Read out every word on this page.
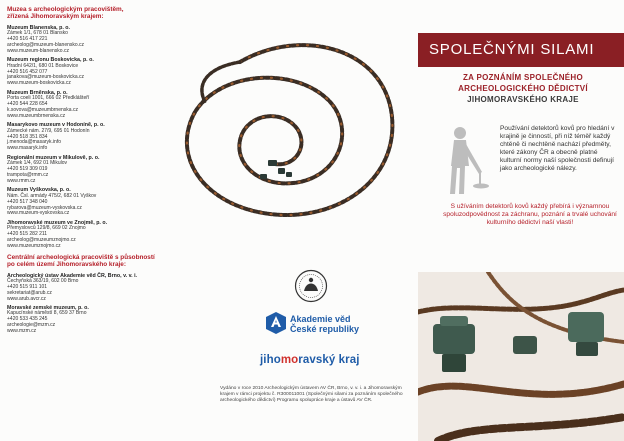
Muzea s archeologickým pracovištěm,
zřízená Jihomoravským krajem:
Muzeum Blanenska, p. o.
Zámek 1/1, 678 01 Blansko
+420 516 417 221
archeolog@muzeum-blanensko.cz
www.muzeum-blanensko.cz
Muzeum regionu Boskovicka, p. o.
Hradní 642/1, 680 01 Boskovice
+420 516 452 077
janakova@muzeum-boskovicka.cz
www.muzeum-boskovicka.cz
Muzeum Brněnska, p. o.
Porta coeli 1001, 666 02 Předklášteří
+420 544 228 654
k.sovova@muzeumbrnenska.cz
www.muzeumbrnenska.cz
Masarykovo muzeum v Hodoníně, p. o.
Zámecké nám. 27/9, 695 01 Hodonín
+420 518 351 834
j.menoda@masaryk.info
www.masaryk.info
Regionální muzeum v Mikulově, p. o.
Zámek 1/4, 692 01 Mikulov
+420 519 309 019
trampota@rmm.cz
www.rmm.cz
Muzeum Vyškovska, p. o.
Nám. Čsl. armády 475/2, 682 01 Vyškov
+420 517 348 040
rybarova@muzeum-vyskovska.cz
www.muzeum-vyskovska.cz
Jihomoravské muzeum ve Znojmě, p. o.
Přemyslovců 129/8, 669 02 Znojmo
+420 515 282 211
archeolog@muzeumznojmo.cz
www.muzeumznojmo.cz
Centrální archeologická pracoviště s působností
po celém území Jihomoravského kraje:
Archeologický ústav Akademie věd ČR, Brno, v. v. i.
Čechyňská 363/19, 602 00 Brno
+420 515 911 101
sekretariat@arub.cz
www.arub.avcr.cz
Moravské zemské muzeum, p. o.
Kapucínské náměstí 8, 659 37 Brno
+420 533 435 245
archeologie@mzm.cz
www.mzm.cz
Akademie věd
České republiky
jihomoravský kraj
Vydáno v roce 2010 Archeologickým ústavem AV ČR, Brno, v. v. i. a Jihomoravským krajem v rámci projektu č. R300011001 (Společnými silami za poznáním společného archeologického dědictví) Programu spolupráce kraje a ústavů AV ČR.
SPOLEČNÝMI SILAMI
ZA POZNÁNÍM SPOLEČNÉHO
ARCHEOLOGICKÉHO DĚDICTVÍ
JIHOMORAVSKÉHO KRAJE
Používání detektorů kovů pro hledání v krajině je činností, při níž téměř každý chtěně či nechtěně nachází předměty, které zákony ČR a obecně platné kulturní normy naší společnosti definují jako archeologické nálezy.
S užíváním detektorů kovů každý přebírá i významnou spoluzodpovědnost za záchranu, poznání a trvalé uchování kulturního dědictví naší vlasti!
